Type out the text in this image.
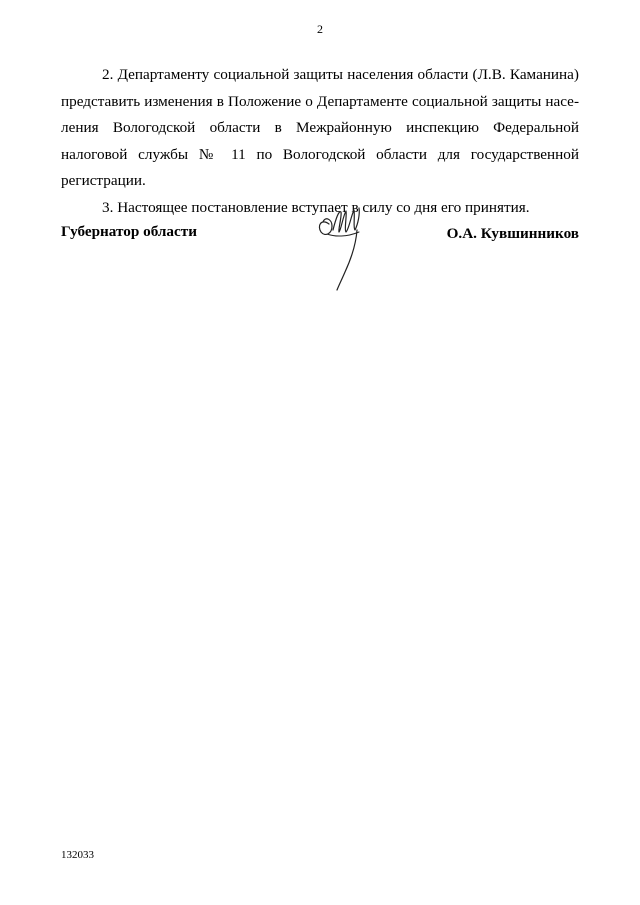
2

2. Департаменту социальной защиты населения области (Л.В. Каманина) представить изменения в Положение о Департаменте социальной защиты населения Вологодской области в Межрайонную инспекцию Федеральной налоговой службы № 11 по Вологодской области для государственной регистрации.

3. Настоящее постановление вступает в силу со дня его принятия.

Губернатор области	О.А. Кувшинников
132033
